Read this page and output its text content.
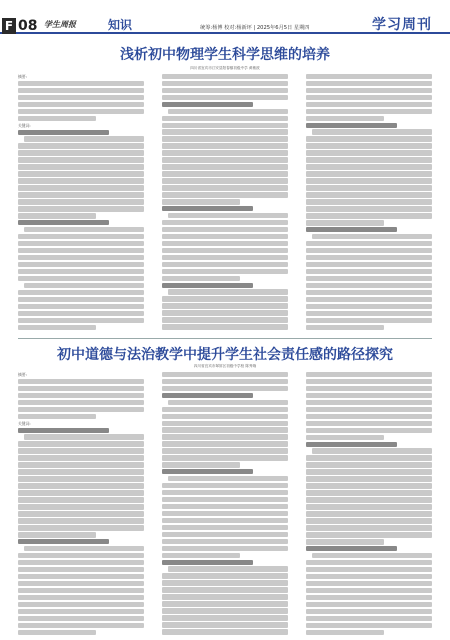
F 08 学生周报	知识	统筹:杨博 校对:杨新坪 | 2025年6月5日 星期四	学习周刊
浅析初中物理学生科学思维的培养
四川省宜宾市江安县阳春镇初级中学 黄敏波
摘要:
关键词:
初中道德与法治教学中提升学生社会责任感的路径探究
四川省宜宾市翠屏区初级中学校 陈秀娥
摘要:
关键词:
